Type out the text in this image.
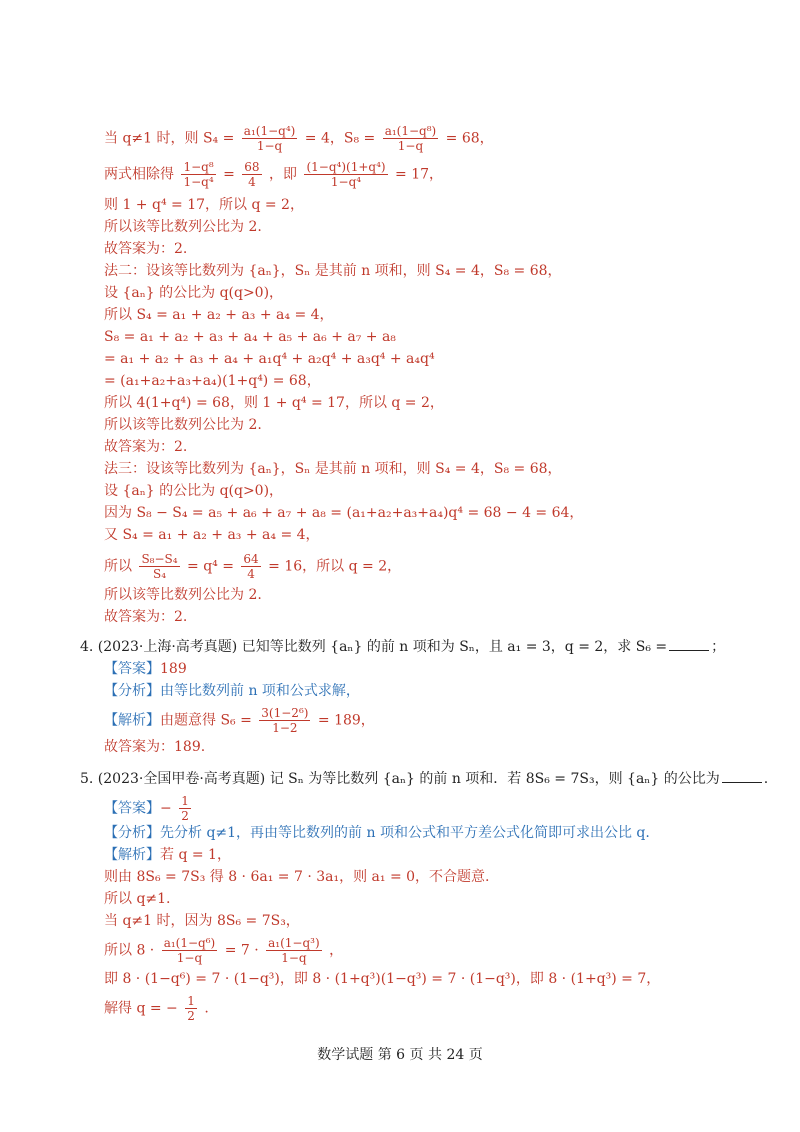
当 q≠1 时，则 $S_4 = \frac{\text{a₁(1−q⁴)}}{1-q} = 4$，$S_8 = \frac{\text{a₁(1−q⁸)}}{1-q} = 68$，
两式相除得 $\frac{\text{1−q⁸}}{\text{1−q⁴}} = \frac{68}{4}$ ，即 $\frac{\text{(1−q⁴)(1+q⁴)}}{\text{1−q⁴}} = 17$，
则 1 + q⁴ = 17，所以 q = 2，
所以该等比数列公比为 2.
故答案为：2.
法二：设该等比数列为 {aₙ}，Sₙ 是其前 n 项和，则 S₄ = 4，S₈ = 68，
设 {aₙ} 的公比为 q(q>0)，
所以 S₄ = a₁ + a₂ + a₃ + a₄ = 4，
S₈ = a₁ + a₂ + a₃ + a₄ + a₅ + a₆ + a₇ + a₈
= a₁ + a₂ + a₃ + a₄ + a₁q⁴ + a₂q⁴ + a₃q⁴ + a₄q⁴
= (a₁+a₂+a₃+a₄)(1+q⁴) = 68，
所以 4(1+q⁴) = 68，则 1 + q⁴ = 17，所以 q = 2，
所以该等比数列公比为 2.
故答案为：2.
法三：设该等比数列为 {aₙ}，Sₙ 是其前 n 项和，则 S₄ = 4，S₈ = 68，
设 {aₙ} 的公比为 q(q>0)，
因为 S₈ − S₄ = a₅ + a₆ + a₇ + a₈ = (a₁+a₂+a₃+a₄)q⁴ = 68 − 4 = 64，
又 S₄ = a₁ + a₂ + a₃ + a₄ = 4，
所以 $\frac{\text{S₈−S₄}}{\text{S₄}} = q^4 = \frac{64}{4} = 16$，所以 q = 2，
所以该等比数列公比为 2.
故答案为：2.
4. (2023·上海·高考真题) 已知等比数列 {aₙ} 的前 n 项和为 Sₙ，且 a₁ = 3，q = 2，求 S₆ =	；
【答案】189
【分析】由等比数列前 n 项和公式求解，
【解析】由题意得 $S_6 = \frac{\text{3(1−2⁶)}}{1-2} = 189$，
故答案为：189.
5. (2023·全国甲卷·高考真题) 记 Sₙ 为等比数列 {aₙ} 的前 n 项和．若 8S₆ = 7S₃，则 {aₙ} 的公比为	.
【答案】− $\frac{1}{2}$
【分析】先分析 q≠1，再由等比数列的前 n 项和公式和平方差公式化简即可求出公比 q.
【解析】若 q = 1，
则由 8S₆ = 7S₃ 得 8 · 6a₁ = 7 · 3a₁，则 a₁ = 0，不合题意.
所以 q≠1.
当 q≠1 时，因为 8S₆ = 7S₃，
所以 $8 \cdot \frac{\text{a₁(1−q⁶)}}{1-q} = 7 \cdot \frac{\text{a₁(1−q³)}}{1-q}$ ，
即 8 · (1−q⁶) = 7 · (1−q³)，即 8 · (1+q³)(1−q³) = 7 · (1−q³)，即 8 · (1+q³) = 7，
解得 q = − $\frac{1}{2}$ .
数学试题 第 6 页 共 24 页
